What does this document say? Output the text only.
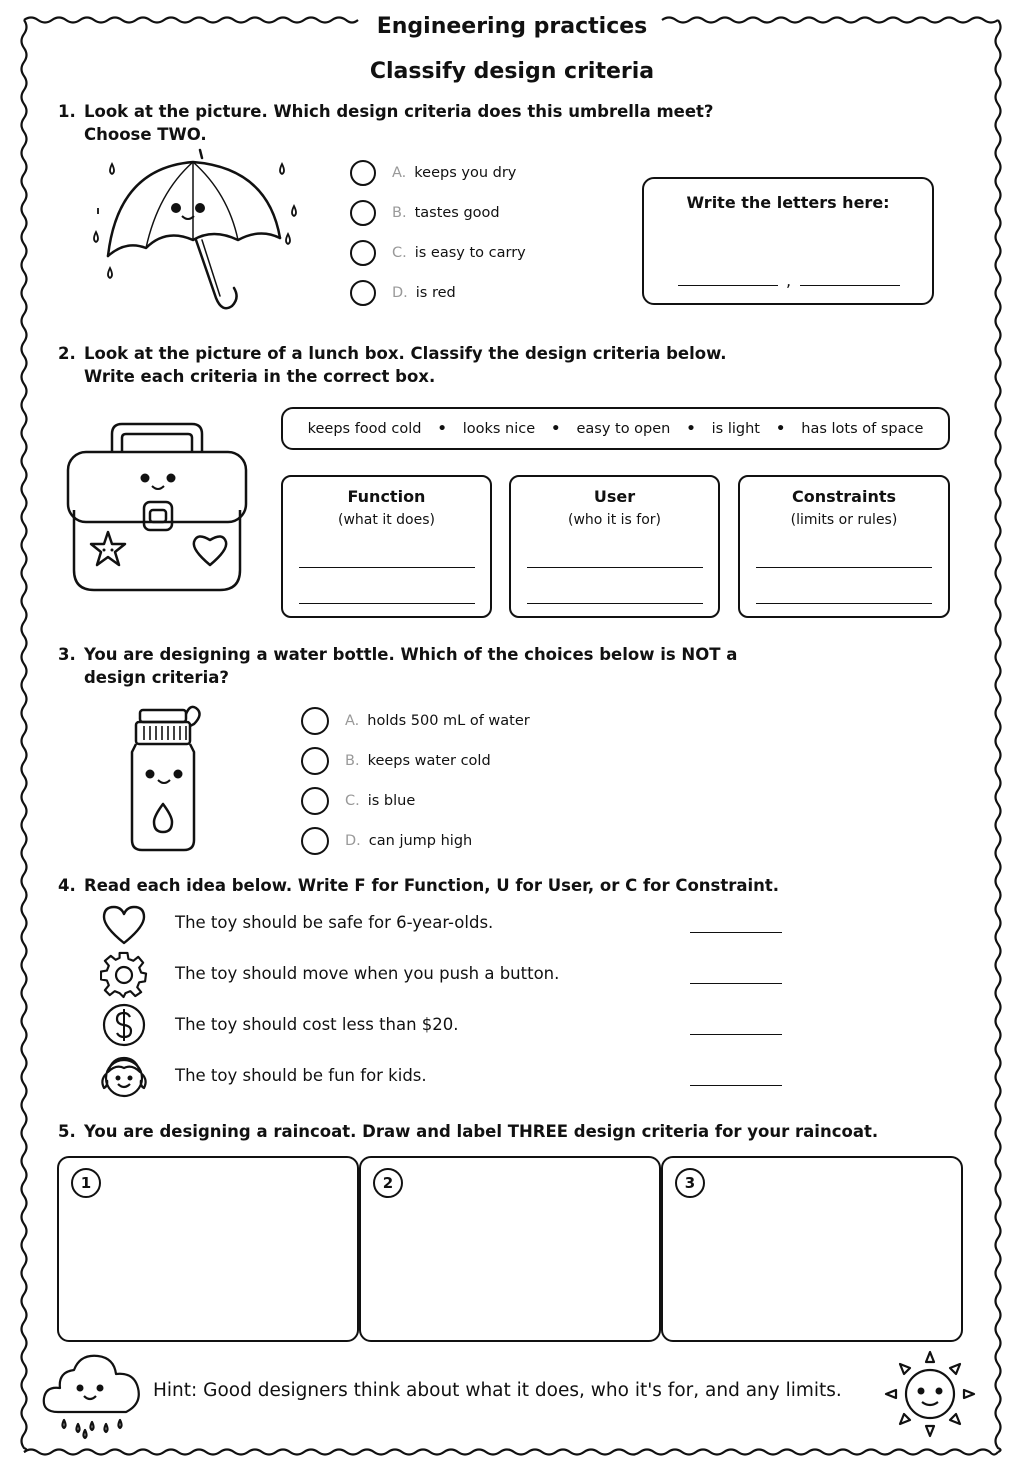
Engineering practices
Classify design criteria
1. Look at the picture. Which design criteria does this umbrella meet?
Choose TWO.
A. keeps you dry
B. tastes good
C. is easy to carry
D. is red
Write the letters here:
,
2. Look at the picture of a lunch box. Classify the design criteria below.
Write each criteria in the correct box.
keeps food cold • looks nice • easy to open • is light • has lots of space
Function
(what it does)
User
(who it is for)
Constraints
(limits or rules)
3. You are designing a water bottle. Which of the choices below is NOT a
design criteria?
A. holds 500 mL of water
B. keeps water cold
C. is blue
D. can jump high
4. Read each idea below. Write F for Function, U for User, or C for Constraint.
The toy should be safe for 6-year-olds.
The toy should move when you push a button.
The toy should cost less than $20.
The toy should be fun for kids.
5. You are designing a raincoat. Draw and label THREE design criteria for your raincoat.
1	2	3
Hint: Good designers think about what it does, who it's for, and any limits.
